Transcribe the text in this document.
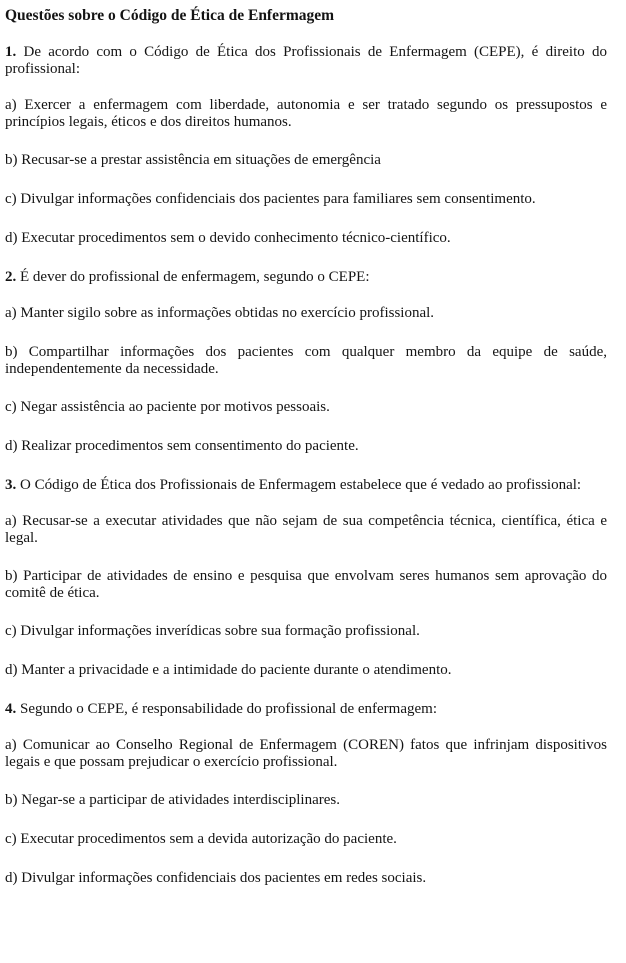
Questões sobre o Código de Ética de Enfermagem

1. De acordo com o Código de Ética dos Profissionais de Enfermagem (CEPE), é direito do profissional:

a) Exercer a enfermagem com liberdade, autonomia e ser tratado segundo os pressupostos e princípios legais, éticos e dos direitos humanos.

b) Recusar-se a prestar assistência em situações de emergência

c) Divulgar informações confidenciais dos pacientes para familiares sem consentimento.

d) Executar procedimentos sem o devido conhecimento técnico-científico.

2. É dever do profissional de enfermagem, segundo o CEPE:

a) Manter sigilo sobre as informações obtidas no exercício profissional.

b) Compartilhar informações dos pacientes com qualquer membro da equipe de saúde, independentemente da necessidade.

c) Negar assistência ao paciente por motivos pessoais.

d) Realizar procedimentos sem consentimento do paciente.

3. O Código de Ética dos Profissionais de Enfermagem estabelece que é vedado ao profissional:

a) Recusar-se a executar atividades que não sejam de sua competência técnica, científica, ética e legal.

b) Participar de atividades de ensino e pesquisa que envolvam seres humanos sem aprovação do comitê de ética.

c) Divulgar informações inverídicas sobre sua formação profissional.

d) Manter a privacidade e a intimidade do paciente durante o atendimento.

4. Segundo o CEPE, é responsabilidade do profissional de enfermagem:

a) Comunicar ao Conselho Regional de Enfermagem (COREN) fatos que infrinjam dispositivos legais e que possam prejudicar o exercício profissional.

b) Negar-se a participar de atividades interdisciplinares.

c) Executar procedimentos sem a devida autorização do paciente.

d) Divulgar informações confidenciais dos pacientes em redes sociais.
